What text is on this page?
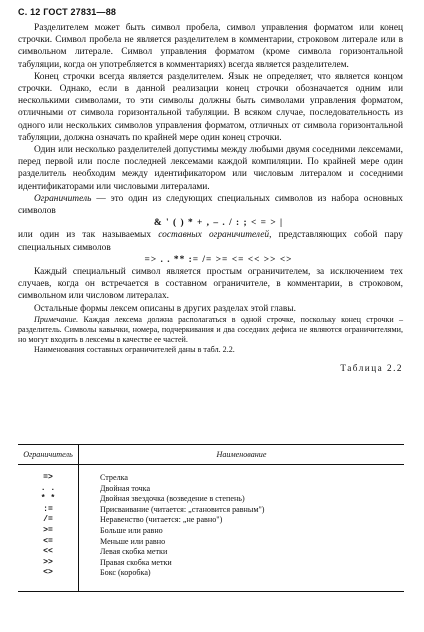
С. 12 ГОСТ 27831—88

Разделителем может быть символ пробела, символ управления форматом или конец строчки. Символ пробела не является разделителем в комментарии, строковом литерале или в символьном литерале. Символ управления форматом (кроме символа горизонтальной табуляции, когда он употребляется в комментариях) всегда является разделителем.

Конец строчки всегда является разделителем. Язык не определяет, что является концом строчки. Однако, если в данной реализации конец строчки обозначается одним или несколькими символами, то эти символы должны быть символами управления форматом, отличными от символа горизонтальной табуляции. В всяком случае, последовательность из одного или нескольких символов управления форматом, отличных от символа горизонтальной табуляции, должна означать по крайней мере один конец строчки.

Один или несколько разделителей допустимы между любыми двумя соседними лексемами, перед первой или после последней лексемами каждой компиляции. По крайней мере один разделитель необходим между идентификатором или числовым литералом и соседними идентификаторами или числовыми литералами.

Ограничитель — это один из следующих специальных символов из набора основных символов

& ' ( ) * + , – . / : ; < = > |

или один из так называемых составных ограничителей, представляющих собой пару специальных символов

=> . . ** := /= >= <= << >> <>

Каждый специальный символ является простым ограничителем, за исключением тех случаев, когда он встречается в составном ограничителе, в комментарии, в строковом, символьном или числовом литералах.

Остальные формы лексем описаны в других разделах этой главы.

Примечание. Каждая лексема должна располагаться в одной строчке, поскольку конец строчки – разделитель. Символы кавычки, номера, подчеркивания и два соседних дефиса не являются ограничителями, но могут входить в лексемы в качестве ее частей.

Наименования составных ограничителей даны в табл. 2.2.

Таблица 2.2
Ограничитель	Наименование

=>	Стрелка
. .	Двойная точка
* *	Двойная звездочка (возведение в степень)
:=	Присваивание (читается: „становится равным")
/=	Неравенство (читается: „не равно")
>=	Больше или равно
<=	Меньше или равно
<<	Левая скобка метки
>>	Правая скобка метки
<>	Бокс (коробка)
